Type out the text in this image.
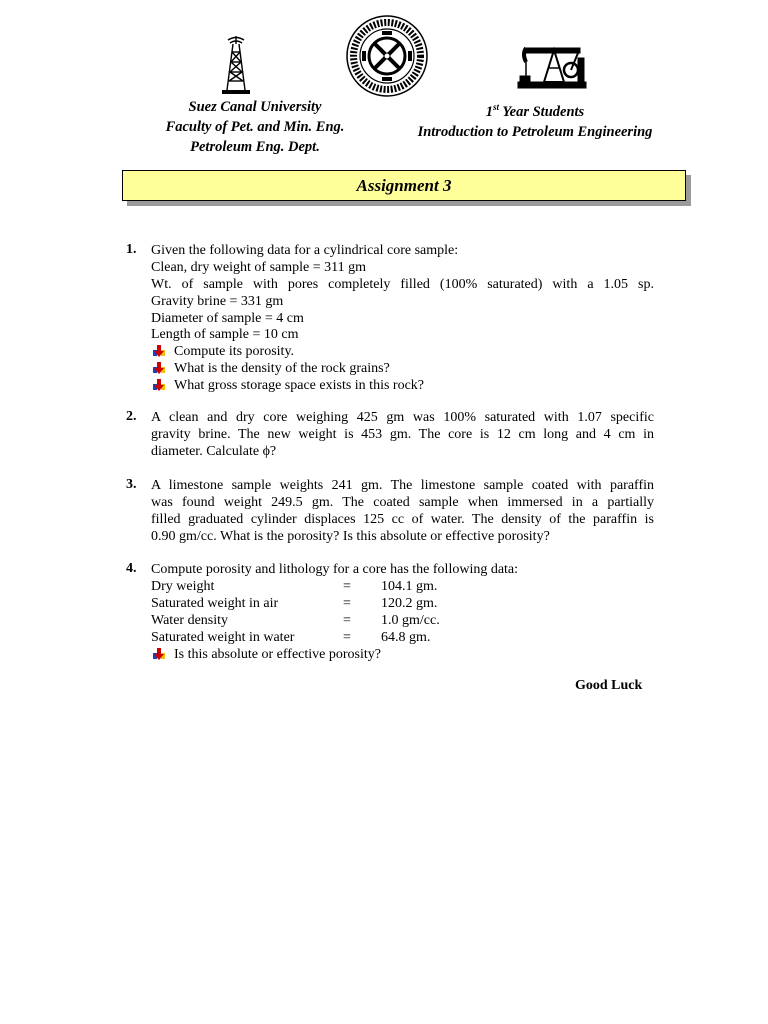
Suez Canal University
Faculty of Pet. and Min. Eng.
Petroleum Eng. Dept.
1st Year Students
Introduction to Petroleum Engineering
Assignment 3
1. Given the following data for a cylindrical core sample:
Clean, dry weight of sample = 311 gm
Wt. of sample with pores completely filled (100% saturated) with a 1.05 sp.
Gravity brine = 331 gm
Diameter of sample = 4 cm
Length of sample = 10 cm
Compute its porosity.
What is the density of the rock grains?
What gross storage space exists in this rock?
2. A clean and dry core weighing 425 gm was 100% saturated with 1.07 specific
gravity brine. The new weight is 453 gm. The core is 12 cm long and 4 cm in
diameter. Calculate ϕ?
3. A limestone sample weights 241 gm. The limestone sample coated with paraffin
was found weight 249.5 gm. The coated sample when immersed in a partially
filled graduated cylinder displaces 125 cc of water. The density of the paraffin is
0.90 gm/cc. What is the porosity? Is this absolute or effective porosity?
4. Compute porosity and lithology for a core has the following data:
Dry weight	= 104.1 gm.
Saturated weight in air	= 120.2 gm.
Water density	= 1.0 gm/cc.
Saturated weight in water	= 64.8 gm.
Is this absolute or effective porosity?
Good Luck
